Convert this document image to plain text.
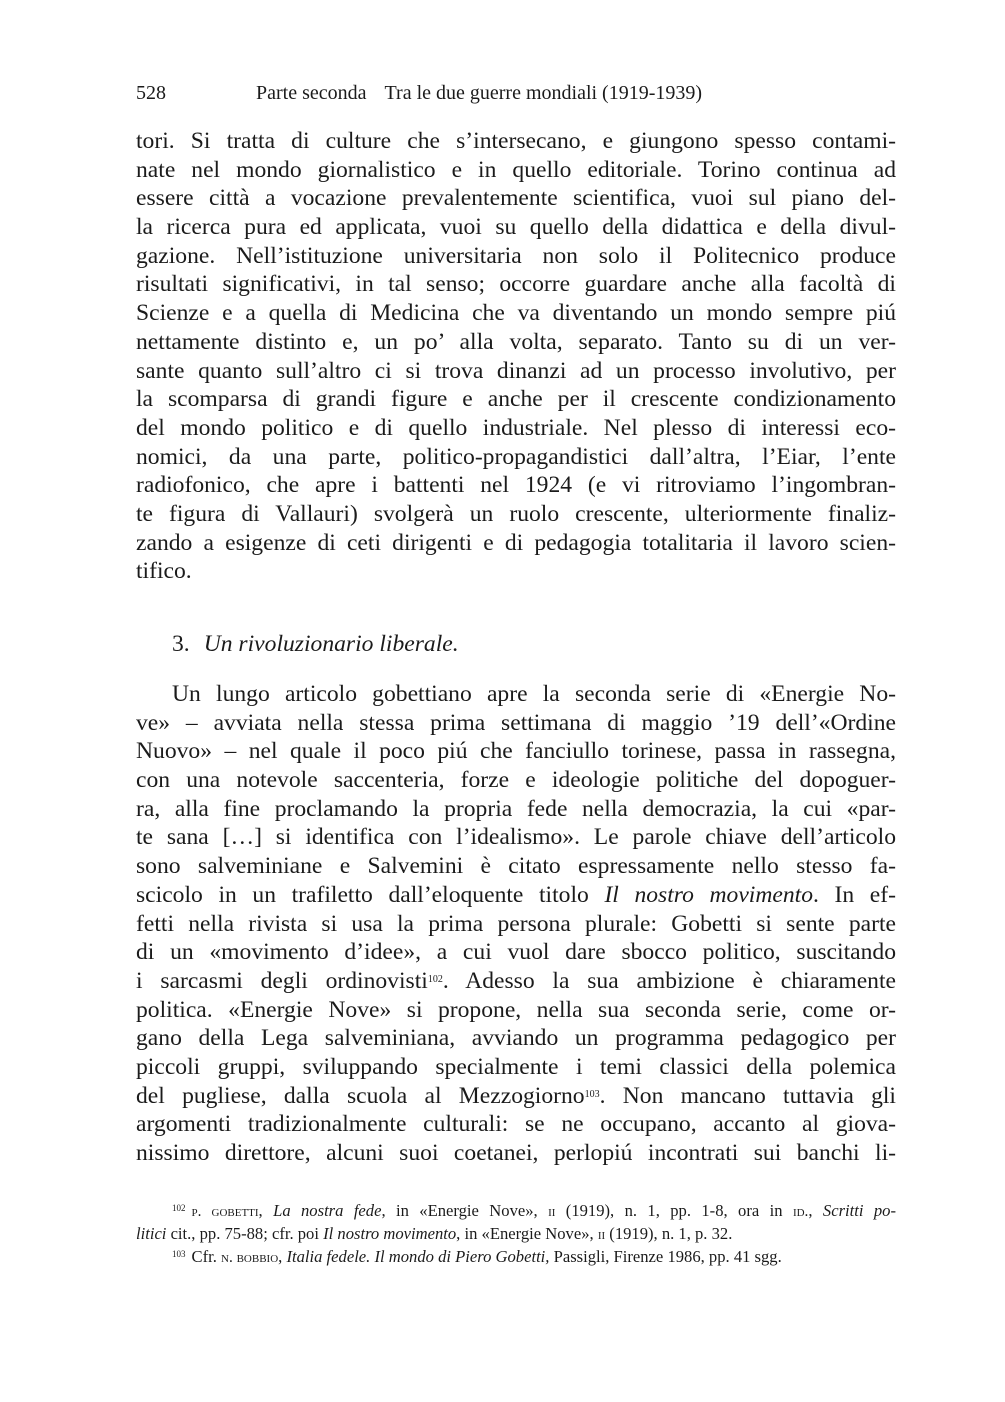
528	Parte seconda Tra le due guerre mondiali (1919-1939)
tori. Si tratta di culture che s’intersecano, e giungono spesso contami-
nate nel mondo giornalistico e in quello editoriale. Torino continua ad
essere città a vocazione prevalentemente scientifica, vuoi sul piano del-
la ricerca pura ed applicata, vuoi su quello della didattica e della divul-
gazione. Nell’istituzione universitaria non solo il Politecnico produce
risultati significativi, in tal senso; occorre guardare anche alla facoltà di
Scienze e a quella di Medicina che va diventando un mondo sempre piú
nettamente distinto e, un po’ alla volta, separato. Tanto su di un ver-
sante quanto sull’altro ci si trova dinanzi ad un processo involutivo, per
la scomparsa di grandi figure e anche per il crescente condizionamento
del mondo politico e di quello industriale. Nel plesso di interessi eco-
nomici, da una parte, politico-propagandistici dall’altra, l’Eiar, l’ente
radiofonico, che apre i battenti nel 1924 (e vi ritroviamo l’ingombran-
te figura di Vallauri) svolgerà un ruolo crescente, ulteriormente finaliz-
zando a esigenze di ceti dirigenti e di pedagogia totalitaria il lavoro scien-
tifico.
3. Un rivoluzionario liberale.
Un lungo articolo gobettiano apre la seconda serie di «Energie No-
ve» – avviata nella stessa prima settimana di maggio ’19 dell’«Ordine
Nuovo» – nel quale il poco piú che fanciullo torinese, passa in rassegna,
con una notevole saccenteria, forze e ideologie politiche del dopoguer-
ra, alla fine proclamando la propria fede nella democrazia, la cui «par-
te sana […] si identifica con l’idealismo». Le parole chiave dell’articolo
sono salveminiane e Salvemini è citato espressamente nello stesso fa-
scicolo in un trafiletto dall’eloquente titolo Il nostro movimento. In ef-
fetti nella rivista si usa la prima persona plurale: Gobetti si sente parte
di un «movimento d’idee», a cui vuol dare sbocco politico, suscitando
i sarcasmi degli ordinovisti$^{102}$. Adesso la sua ambizione è chiaramente
politica. «Energie Nove» si propone, nella sua seconda serie, come or-
gano della Lega salveminiana, avviando un programma pedagogico per
piccoli gruppi, sviluppando specialmente i temi classici della polemica
del pugliese, dalla scuola al Mezzogiorno$^{103}$. Non mancano tuttavia gli
argomenti tradizionalmente culturali: se ne occupano, accanto al giova-
nissimo direttore, alcuni suoi coetanei, perlopiú incontrati sui banchi li-
$^{102}$ p. gobetti, La nostra fede, in «Energie Nove», ii (1919), n. 1, pp. 1-8, ora in id., Scritti po-
litici cit., pp. 75-88; cfr. poi Il nostro movimento, in «Energie Nove», ii (1919), n. 1, p. 32.
$^{103}$ Cfr. n. bobbio, Italia fedele. Il mondo di Piero Gobetti, Passigli, Firenze 1986, pp. 41 sgg.
